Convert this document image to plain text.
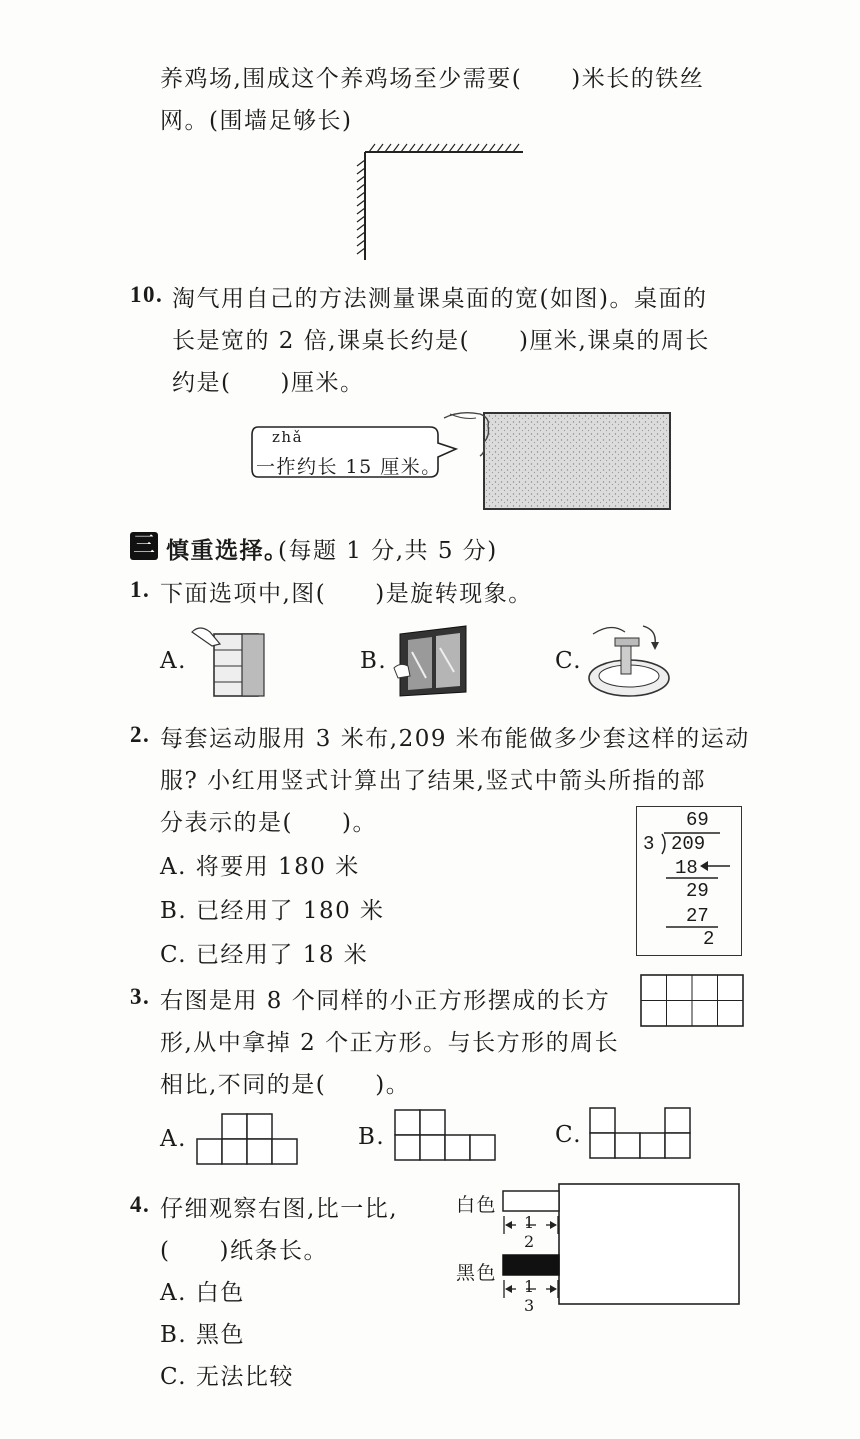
养鸡场,围成这个养鸡场至少需要(　　)米长的铁丝
网。(围墙足够长)
10. 淘气用自己的方法测量课桌面的宽(如图)。桌面的
长是宽的 2 倍,课桌长约是(　　)厘米,课桌的周长
约是(　　)厘米。
zhǎ
一拃约长 15 厘米。
三 慎重选择。
(每题 1 分,共 5 分)
1. 下面选项中,图(　　)是旋转现象。
A.	B.	C.
2. 每套运动服用 3 米布,209 米布能做多少套这样的运动
服? 小红用竖式计算出了结果,竖式中箭头所指的部
分表示的是(　　)。
A. 将要用 180 米
B. 已经用了 180 米
C. 已经用了 18 米
69
3 209
18
29
27
2
3. 右图是用 8 个同样的小正方形摆成的长方
形,从中拿掉 2 个正方形。与长方形的周长
相比,不同的是(　　)。
A.	B.	C.
4. 仔细观察右图,比一比,
(　　)纸条长。
A. 白色
B. 黑色
C. 无法比较
白色
黑色
1
2
1
3
